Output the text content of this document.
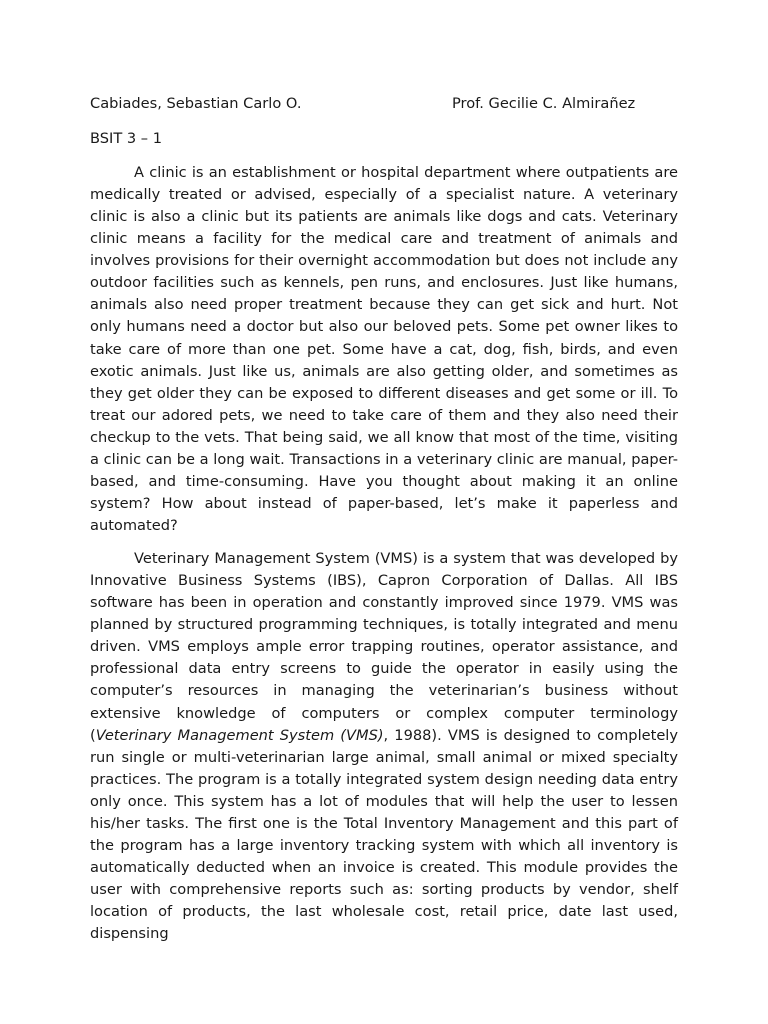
Cabiades, Sebastian Carlo O.	Prof. Gecilie C. Almirañez
BSIT 3 – 1

A clinic is an establishment or hospital department where outpatients are medically treated or advised, especially of a specialist nature. A veterinary clinic is also a clinic but its patients are animals like dogs and cats. Veterinary clinic means a facility for the medical care and treatment of animals and involves provisions for their overnight accommodation but does not include any outdoor facilities such as kennels, pen runs, and enclosures. Just like humans, animals also need proper treatment because they can get sick and hurt. Not only humans need a doctor but also our beloved pets. Some pet owner likes to take care of more than one pet. Some have a cat, dog, fish, birds, and even exotic animals. Just like us, animals are also getting older, and sometimes as they get older they can be exposed to different diseases and get some or ill. To treat our adored pets, we need to take care of them and they also need their checkup to the vets. That being said, we all know that most of the time, visiting a clinic can be a long wait. Transactions in a veterinary clinic are manual, paper-based, and time-consuming. Have you thought about making it an online system? How about instead of paper-based, let’s make it paperless and automated?

Veterinary Management System (VMS) is a system that was developed by Innovative Business Systems (IBS), Capron Corporation of Dallas. All IBS software has been in operation and constantly improved since 1979. VMS was planned by structured programming techniques, is totally integrated and menu driven. VMS employs ample error trapping routines, operator assistance, and professional data entry screens to guide the operator in easily using the computer’s resources in managing the veterinarian’s business without extensive knowledge of computers or complex computer terminology (Veterinary Management System (VMS), 1988). VMS is designed to completely run single or multi-veterinarian large animal, small animal or mixed specialty practices. The program is a totally integrated system design needing data entry only once. This system has a lot of modules that will help the user to lessen his/her tasks. The first one is the Total Inventory Management and this part of the program has a large inventory tracking system with which all inventory is automatically deducted when an invoice is created. This module provides the user with comprehensive reports such as: sorting products by vendor, shelf location of products, the last wholesale cost, retail price, date last used, dispensing
